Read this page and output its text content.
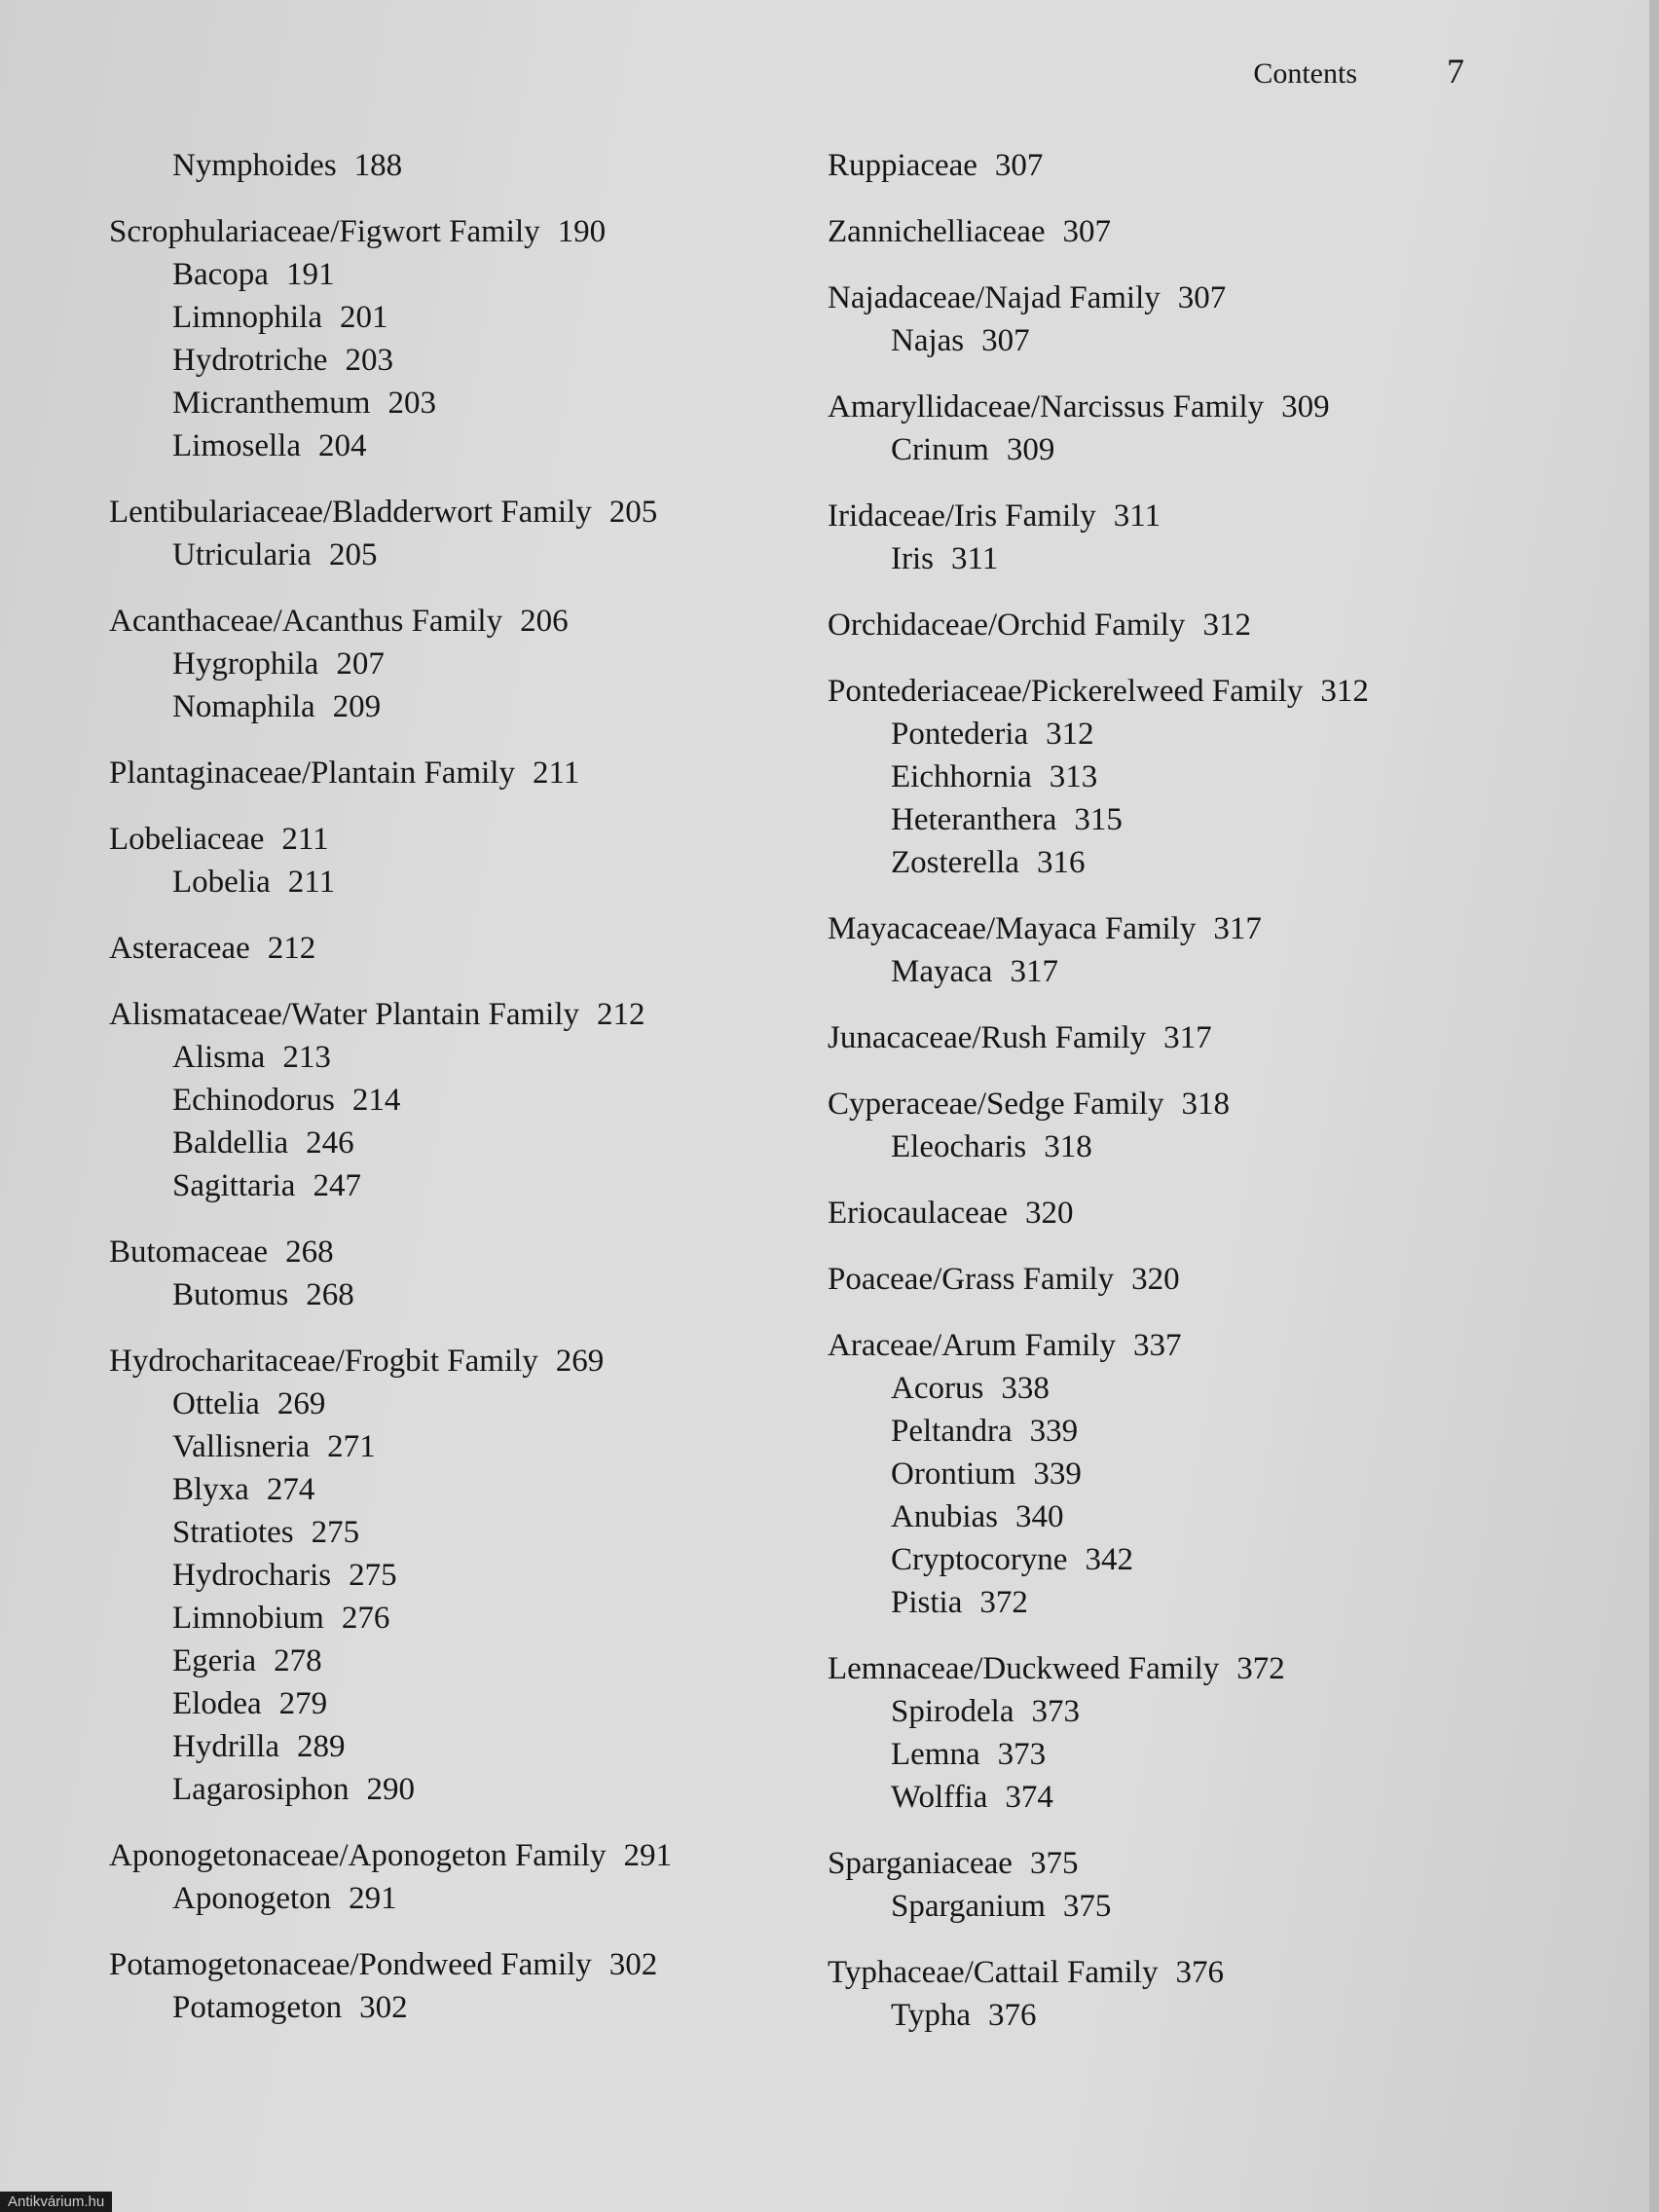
Contents	7
Nymphoides 188
Scrophulariaceae/Figwort Family 190
Bacopa 191
Limnophila 201
Hydrotriche 203
Micranthemum 203
Limosella 204
Lentibulariaceae/Bladderwort Family 205
Utricularia 205
Acanthaceae/Acanthus Family 206
Hygrophila 207
Nomaphila 209
Plantaginaceae/Plantain Family 211
Lobeliaceae 211
Lobelia 211
Asteraceae 212
Alismataceae/Water Plantain Family 212
Alisma 213
Echinodorus 214
Baldellia 246
Sagittaria 247
Butomaceae 268
Butomus 268
Hydrocharitaceae/Frogbit Family 269
Ottelia 269
Vallisneria 271
Blyxa 274
Stratiotes 275
Hydrocharis 275
Limnobium 276
Egeria 278
Elodea 279
Hydrilla 289
Lagarosiphon 290
Aponogetonaceae/Aponogeton Family 291
Aponogeton 291
Potamogetonaceae/Pondweed Family 302
Potamogeton 302
Ruppiaceae 307
Zannichelliaceae 307
Najadaceae/Najad Family 307
Najas 307
Amaryllidaceae/Narcissus Family 309
Crinum 309
Iridaceae/Iris Family 311
Iris 311
Orchidaceae/Orchid Family 312
Pontederiaceae/Pickerelweed Family 312
Pontederia 312
Eichhornia 313
Heteranthera 315
Zosterella 316
Mayacaceae/Mayaca Family 317
Mayaca 317
Junacaceae/Rush Family 317
Cyperaceae/Sedge Family 318
Eleocharis 318
Eriocaulaceae 320
Poaceae/Grass Family 320
Araceae/Arum Family 337
Acorus 338
Peltandra 339
Orontium 339
Anubias 340
Cryptocoryne 342
Pistia 372
Lemnaceae/Duckweed Family 372
Spirodela 373
Lemna 373
Wolffia 374
Sparganiaceae 375
Sparganium 375
Typhaceae/Cattail Family 376
Typha 376
Antikvárium.hu
